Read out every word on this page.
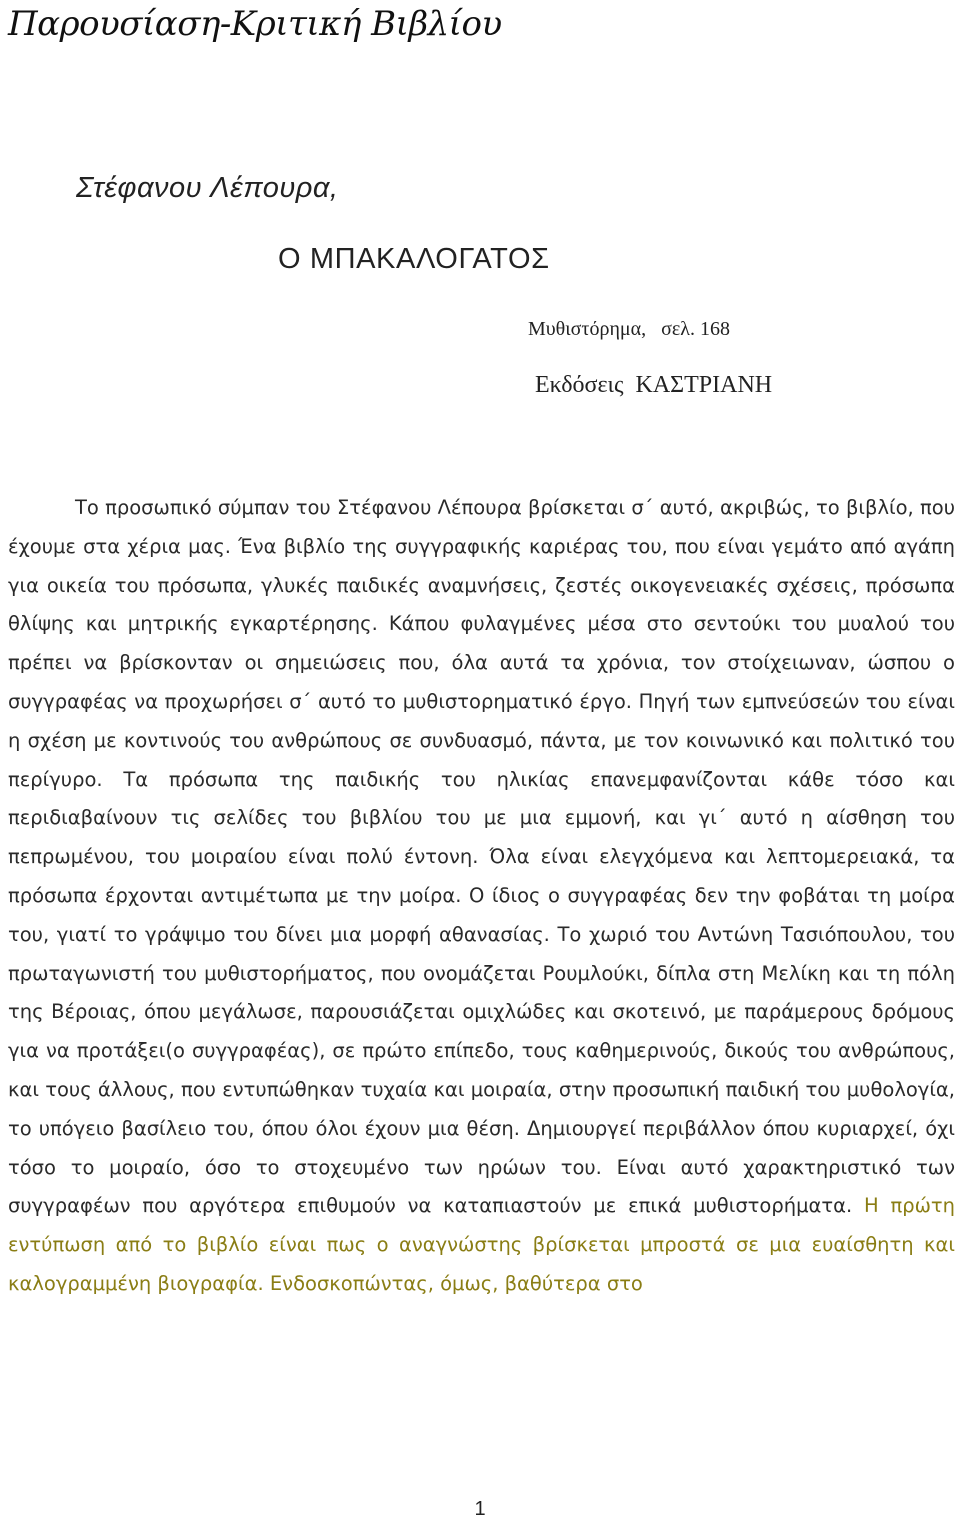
Παρουσίαση-Κριτική Βιβλίου
Στέφανου Λέπουρα,
Ο ΜΠΑΚΑΛΟΓΑΤΟΣ
Μυθιστόρημα,   σελ. 168
Εκδόσεις  ΚΑΣΤΡΙΑΝΗ

Το προσωπικό σύμπαν του Στέφανου Λέπουρα βρίσκεται σ΄ αυτό, ακριβώς, το βιβλίο, που έχουμε στα χέρια μας. Ένα βιβλίο της συγγραφικής καριέρας του, που είναι γεμάτο από αγάπη για οικεία του πρόσωπα, γλυκές παιδικές αναμνήσεις, ζεστές οικογενειακές σχέσεις, πρόσωπα θλίψης και μητρικής εγκαρτέρησης. Κάπου φυλαγμένες μέσα στο σεντούκι του μυαλού του πρέπει να βρίσκονταν οι σημειώσεις που, όλα αυτά τα χρόνια, τον στοίχειωναν, ώσπου ο συγγραφέας να προχωρήσει σ΄ αυτό το μυθιστορηματικό έργο. Πηγή των εμπνεύσεών του είναι η σχέση με κοντινούς του ανθρώπους σε συνδυασμό, πάντα, με τον κοινωνικό και πολιτικό του περίγυρο. Τα πρόσωπα της παιδικής του ηλικίας επανεμφανίζονται κάθε τόσο και περιδιαβαίνουν τις σελίδες του βιβλίου του με μια εμμονή, και γι΄ αυτό η αίσθηση του πεπρωμένου, του μοιραίου είναι πολύ έντονη. Όλα είναι ελεγχόμενα και λεπτομερειακά, τα πρόσωπα έρχονται αντιμέτωπα με την μοίρα. Ο ίδιος ο συγγραφέας δεν την φοβάται τη μοίρα του, γιατί το γράψιμο του δίνει μια μορφή αθανασίας. Το χωριό του Αντώνη Τασιόπουλου, του πρωταγωνιστή του μυθιστορήματος, που ονομάζεται Ρουμλούκι, δίπλα στη Μελίκη και τη πόλη της Βέροιας, όπου μεγάλωσε, παρουσιάζεται ομιχλώδες και σκοτεινό, με παράμερους δρόμους για να προτάξει(ο συγγραφέας), σε πρώτο επίπεδο, τους καθημερινούς, δικούς του ανθρώπους, και τους άλλους, που εντυπώθηκαν τυχαία και μοιραία, στην προσωπική παιδική του μυθολογία, το υπόγειο βασίλειο του, όπου όλοι έχουν μια θέση. Δημιουργεί περιβάλλον όπου κυριαρχεί, όχι τόσο το μοιραίο, όσο το στοχευμένο των ηρώων του. Είναι αυτό χαρακτηριστικό των συγγραφέων που αργότερα επιθυμούν να καταπιαστούν με επικά μυθιστορήματα. Η πρώτη εντύπωση από το βιβλίο είναι πως ο αναγνώστης βρίσκεται μπροστά σε μια ευαίσθητη και καλογραμμένη βιογραφία. Ενδοσκοπώντας, όμως, βαθύτερα στο

1
